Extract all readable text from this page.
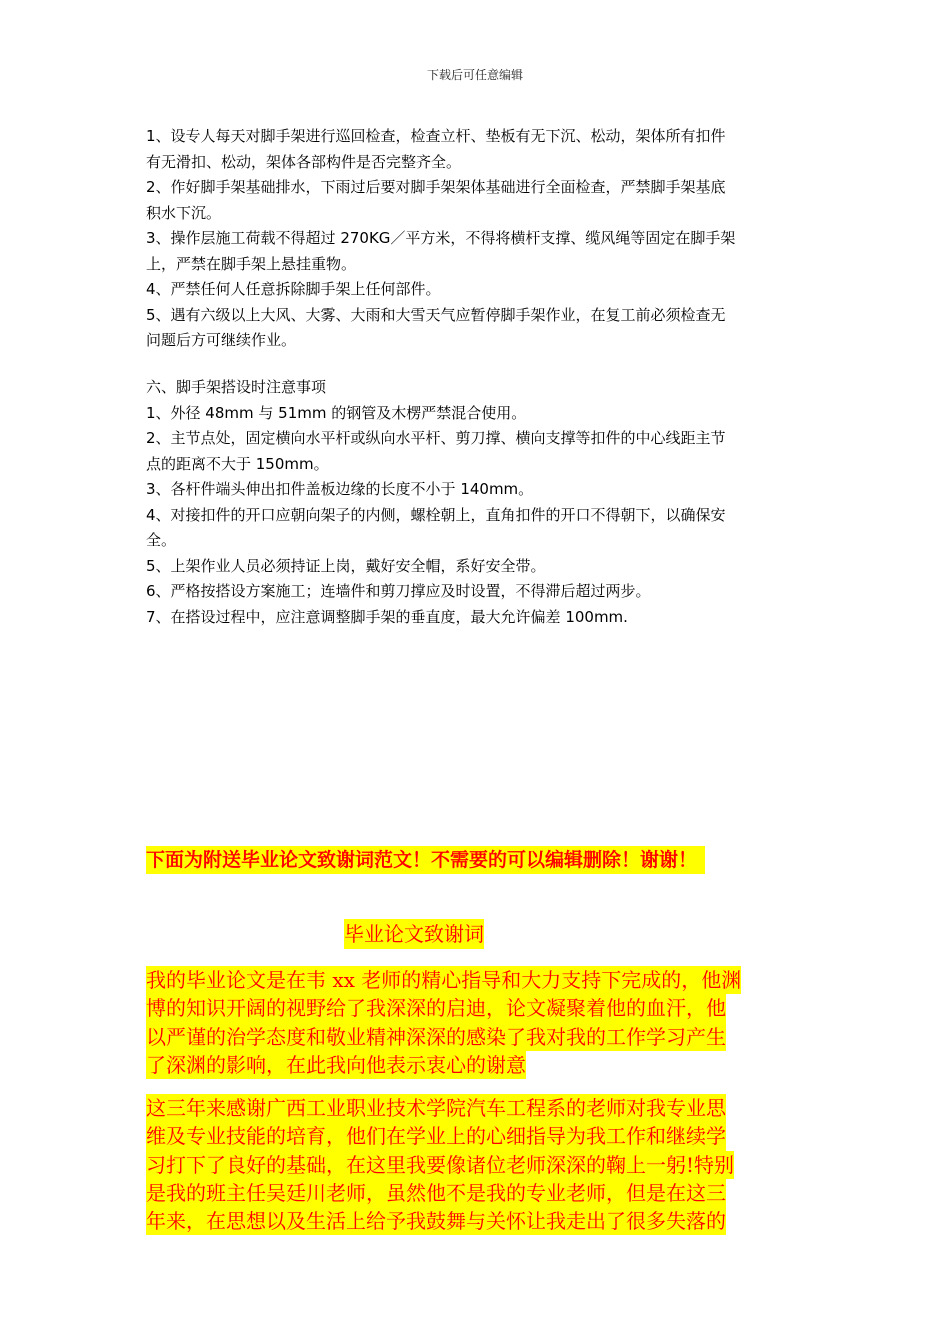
下载后可任意编辑
1、设专人每天对脚手架进行巡回检查，检查立杆、垫板有无下沉、松动，架体所有扣件
有无滑扣、松动，架体各部构件是否完整齐全。
2、作好脚手架基础排水，下雨过后要对脚手架架体基础进行全面检查，严禁脚手架基底
积水下沉。
3、操作层施工荷载不得超过 270KG／平方米，不得将横杆支撑、缆风绳等固定在脚手架
上，严禁在脚手架上悬挂重物。
4、严禁任何人任意拆除脚手架上任何部件。
5、遇有六级以上大风、大雾、大雨和大雪天气应暂停脚手架作业，在复工前必须检查无
问题后方可继续作业。
六、脚手架搭设时注意事项
1、外径 48mm 与 51mm 的钢管及木楞严禁混合使用。
2、主节点处，固定横向水平杆或纵向水平杆、剪刀撑、横向支撑等扣件的中心线距主节
点的距离不大于 150mm。
3、各杆件端头伸出扣件盖板边缘的长度不小于 140mm。
4、对接扣件的开口应朝向架子的内侧，螺栓朝上，直角扣件的开口不得朝下，以确保安
全。
5、上架作业人员必须持证上岗，戴好安全帽，系好安全带。
6、严格按搭设方案施工；连墙件和剪刀撑应及时设置，不得滞后超过两步。
7、在搭设过程中，应注意调整脚手架的垂直度，最大允许偏差 100mm.
下面为附送毕业论文致谢词范文！不需要的可以编辑删除！谢谢！
毕业论文致谢词
我的毕业论文是在韦 xx 老师的精心指导和大力支持下完成的，他渊
博的知识开阔的视野给了我深深的启迪，论文凝聚着他的血汗，他
以严谨的治学态度和敬业精神深深的感染了我对我的工作学习产生
了深渊的影响，在此我向他表示衷心的谢意
这三年来感谢广西工业职业技术学院汽车工程系的老师对我专业思
维及专业技能的培育，他们在学业上的心细指导为我工作和继续学
习打下了良好的基础，在这里我要像诸位老师深深的鞠上一躬!特别
是我的班主任吴廷川老师，虽然他不是我的专业老师，但是在这三
年来，在思想以及生活上给予我鼓舞与关怀让我走出了很多失落的
